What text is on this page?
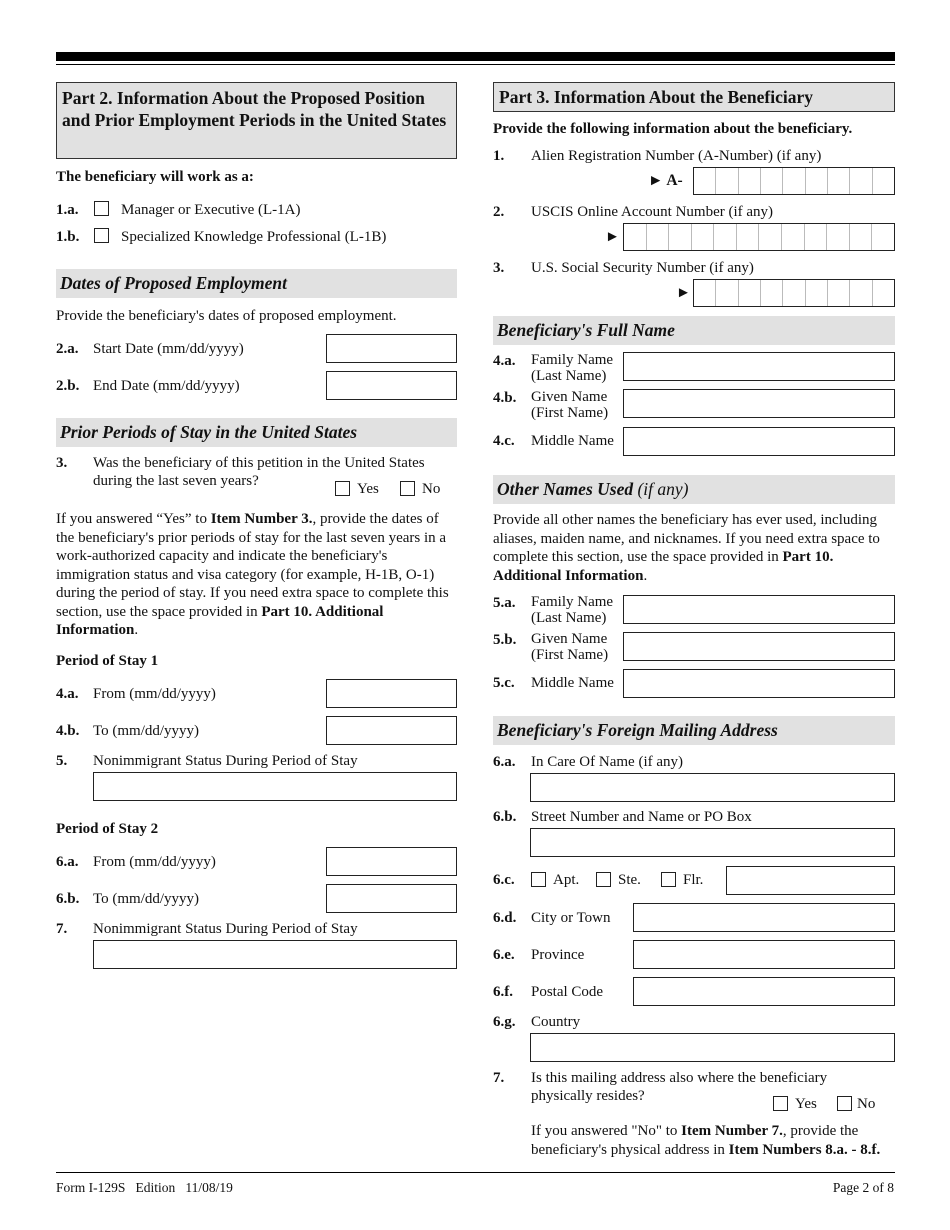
Part 2. Information About the Proposed Position and Prior Employment Periods in the United States
The beneficiary will work as a:
1.a.	Manager or Executive (L-1A)
1.b.	Specialized Knowledge Professional (L-1B)
Dates of Proposed Employment
Provide the beneficiary's dates of proposed employment.
2.a. Start Date (mm/dd/yyyy)
2.b. End Date (mm/dd/yyyy)
Prior Periods of Stay in the United States
3. Was the beneficiary of this petition in the United States during the last seven years?	Yes	No
If you answered “Yes” to Item Number 3., provide the dates of the beneficiary's prior periods of stay for the last seven years in a work-authorized capacity and indicate the beneficiary's immigration status and visa category (for example, H-1B, O-1) during the period of stay. If you need extra space to complete this section, use the space provided in Part 10. Additional Information.
Period of Stay 1
4.a. From (mm/dd/yyyy)
4.b. To (mm/dd/yyyy)
5. Nonimmigrant Status During Period of Stay
Period of Stay 2
6.a. From (mm/dd/yyyy)
6.b. To (mm/dd/yyyy)
7. Nonimmigrant Status During Period of Stay
Part 3. Information About the Beneficiary
Provide the following information about the beneficiary.
1. Alien Registration Number (A-Number) (if any)
► A-
2. USCIS Online Account Number (if any)
►
3. U.S. Social Security Number (if any)
►
Beneficiary's Full Name
4.a. Family Name
(Last Name)
4.b. Given Name
(First Name)
4.c. Middle Name
Other Names Used (if any)
Provide all other names the beneficiary has ever used, including aliases, maiden name, and nicknames. If you need extra space to complete this section, use the space provided in Part 10. Additional Information.
5.a. Family Name
(Last Name)
5.b. Given Name
(First Name)
5.c. Middle Name
Beneficiary's Foreign Mailing Address
6.a. In Care Of Name (if any)
6.b. Street Number and Name or PO Box
6.c.	Apt.	Ste.	Flr.
6.d. City or Town
6.e. Province
6.f. Postal Code
6.g. Country
7. Is this mailing address also where the beneficiary physically resides?	Yes	No
If you answered "No" to Item Number 7., provide the beneficiary's physical address in Item Numbers 8.a. - 8.f.
Form I-129S   Edition   11/08/19	Page 2 of 8
